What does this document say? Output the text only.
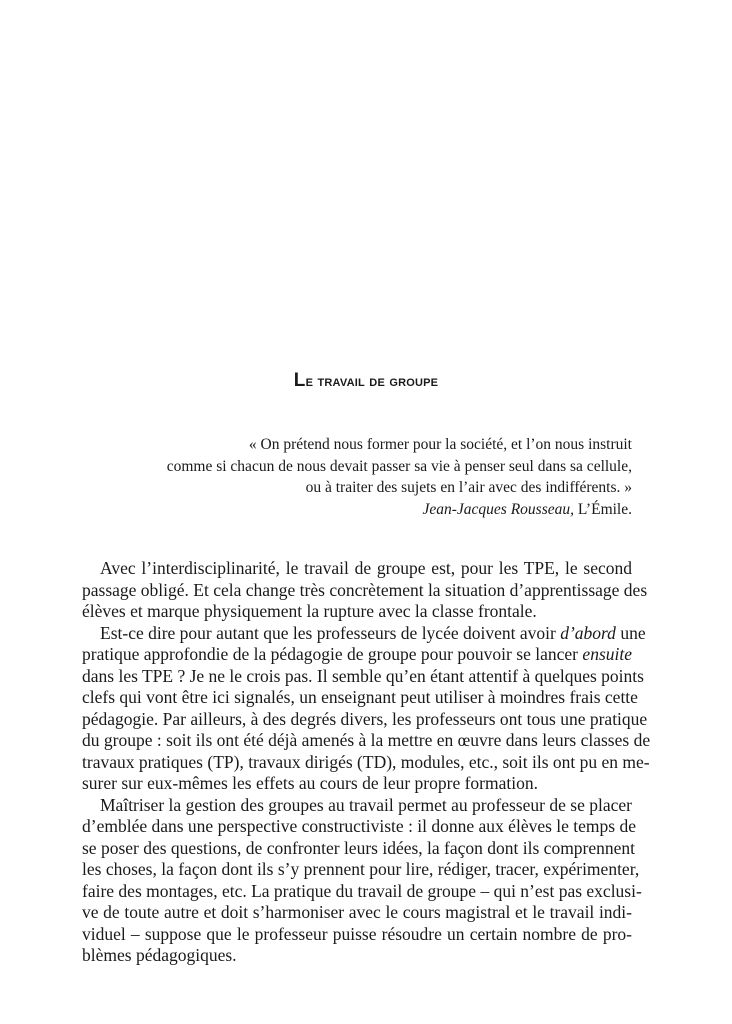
Le travail de groupe
« On prétend nous former pour la société, et l’on nous instruit
comme si chacun de nous devait passer sa vie à penser seul dans sa cellule,
ou à traiter des sujets en l’air avec des indifférents. »
Jean-Jacques Rousseau, L’Émile.
Avec l’interdisciplinarité, le travail de groupe est, pour les TPE, le second
passage obligé. Et cela change très concrètement la situation d’apprentissage des
élèves et marque physiquement la rupture avec la classe frontale.
Est-ce dire pour autant que les professeurs de lycée doivent avoir d’abord une
pratique approfondie de la pédagogie de groupe pour pouvoir se lancer ensuite
dans les TPE ? Je ne le crois pas. Il semble qu’en étant attentif à quelques points
clefs qui vont être ici signalés, un enseignant peut utiliser à moindres frais cette
pédagogie. Par ailleurs, à des degrés divers, les professeurs ont tous une pratique
du groupe : soit ils ont été déjà amenés à la mettre en œuvre dans leurs classes de
travaux pratiques (TP), travaux dirigés (TD), modules, etc., soit ils ont pu en me-
surer sur eux-mêmes les effets au cours de leur propre formation.
Maîtriser la gestion des groupes au travail permet au professeur de se placer
d’emblée dans une perspective constructiviste : il donne aux élèves le temps de
se poser des questions, de confronter leurs idées, la façon dont ils comprennent
les choses, la façon dont ils s’y prennent pour lire, rédiger, tracer, expérimenter,
faire des montages, etc. La pratique du travail de groupe – qui n’est pas exclusi-
ve de toute autre et doit s’harmoniser avec le cours magistral et le travail indi-
viduel – suppose que le professeur puisse résoudre un certain nombre de pro-
blèmes pédagogiques.
